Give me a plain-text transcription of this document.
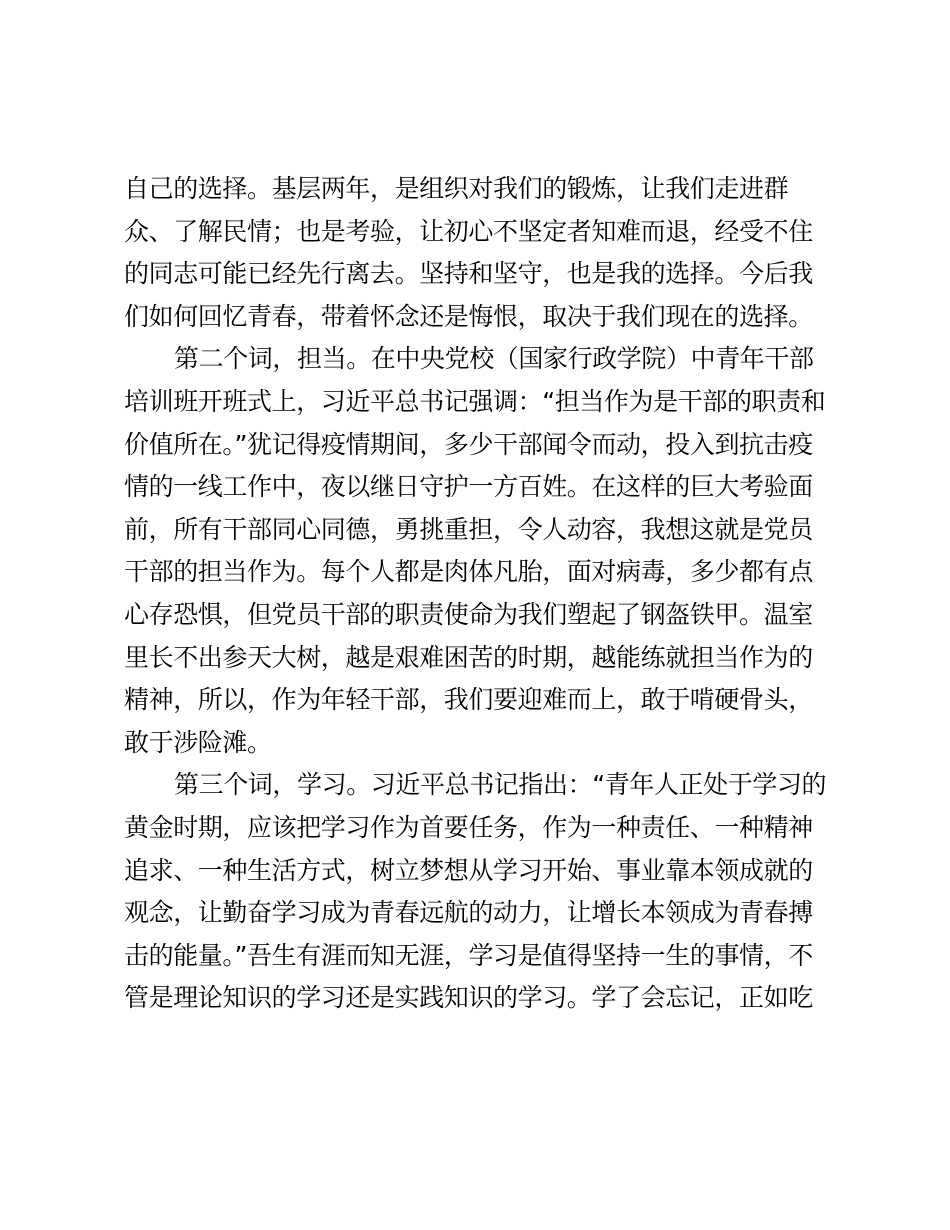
自己的选择。基层两年，是组织对我们的锻炼，让我们走进群
众、了解民情；也是考验，让初心不坚定者知难而退，经受不住
的同志可能已经先行离去。坚持和坚守，也是我的选择。今后我
们如何回忆青春，带着怀念还是悔恨，取决于我们现在的选择。
第二个词，担当。在中央党校（国家行政学院）中青年干部
培训班开班式上，习近平总书记强调：“担当作为是干部的职责和
价值所在。”犹记得疫情期间，多少干部闻令而动，投入到抗击疫
情的一线工作中，夜以继日守护一方百姓。在这样的巨大考验面
前，所有干部同心同德，勇挑重担，令人动容，我想这就是党员
干部的担当作为。每个人都是肉体凡胎，面对病毒，多少都有点
心存恐惧，但党员干部的职责使命为我们塑起了钢盔铁甲。温室
里长不出参天大树，越是艰难困苦的时期，越能练就担当作为的
精神，所以，作为年轻干部，我们要迎难而上，敢于啃硬骨头，
敢于涉险滩。
第三个词，学习。习近平总书记指出：“青年人正处于学习的
黄金时期，应该把学习作为首要任务，作为一种责任、一种精神
追求、一种生活方式，树立梦想从学习开始、事业靠本领成就的
观念，让勤奋学习成为青春远航的动力，让增长本领成为青春搏
击的能量。”吾生有涯而知无涯，学习是值得坚持一生的事情，不
管是理论知识的学习还是实践知识的学习。学了会忘记，正如吃
